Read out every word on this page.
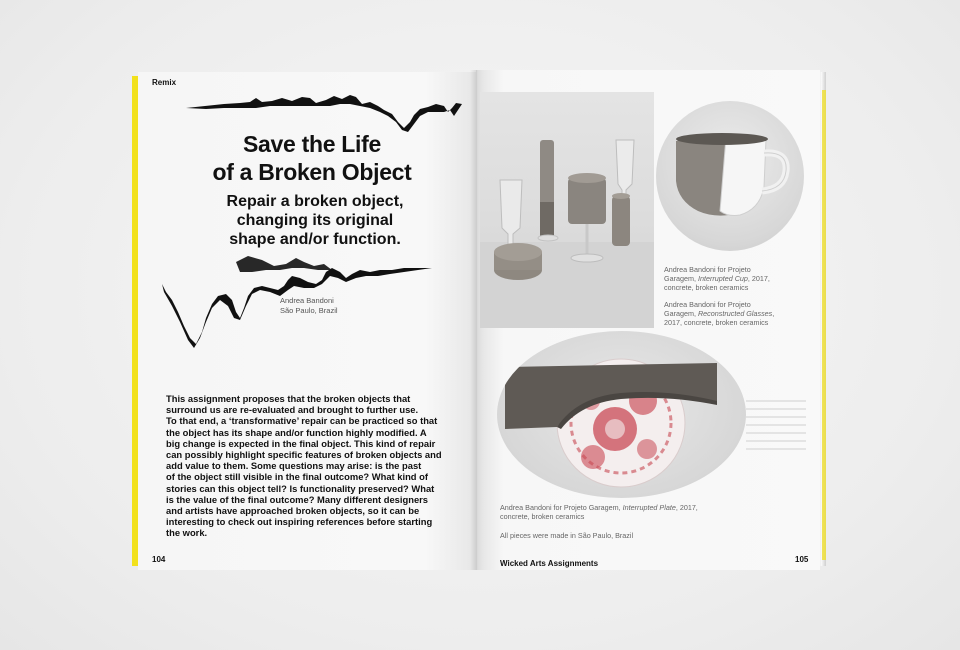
Remix
Save the Life
of a Broken Object
Repair a broken object,
changing its original
shape and/or function.
Andrea Bandoni
São Paulo, Brazil
This assignment proposes that the broken objects that
surround us are re-evaluated and brought to further use.
To that end, a ‘transformative’ repair can be practiced so that
the object has its shape and/or function highly modified. A
big change is expected in the final object. This kind of repair
can possibly highlight specific features of broken objects and
add value to them. Some questions may arise: is the past
of the object still visible in the final outcome? What kind of
stories can this object tell? Is functionality preserved? What
is the value of the final outcome? Many different designers
and artists have approached broken objects, so it can be
interesting to check out inspiring references before starting
the work.
104
Andrea Bandoni for Projeto
Garagem, Interrupted Cup, 2017,
concrete, broken ceramics
Andrea Bandoni for Projeto
Garagem, Reconstructed Glasses,
2017, concrete, broken ceramics
Andrea Bandoni for Projeto Garagem, Interrupted Plate, 2017,
concrete, broken ceramics
All pieces were made in São Paulo, Brazil
Wicked Arts Assignments	105
